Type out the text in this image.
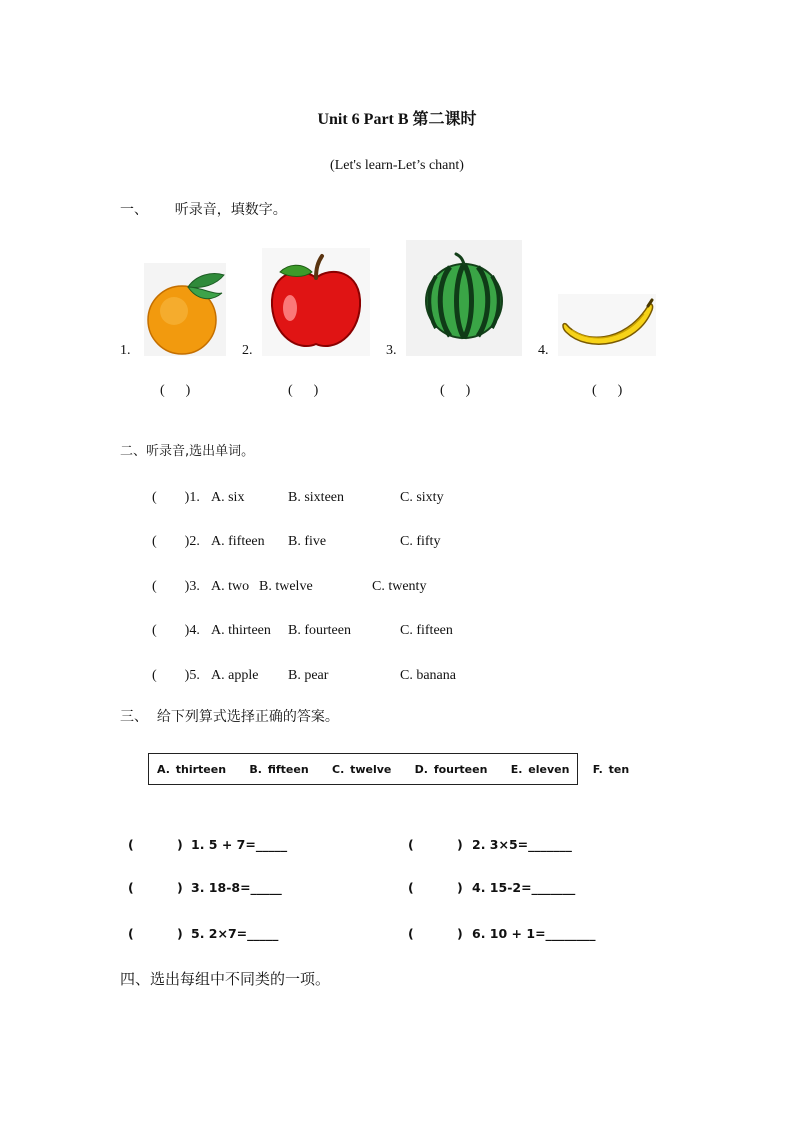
Unit 6 Part B 第二课时
(Let's learn-Let’s chant)
一、      听录音，填数字。
1.
(      )
2.
(      )
3.
(      )
4.
(      )
二、听录音,选出单词。
(        )1. A. six	B. sixteen	C. sixty
(        )2. A. fifteen B. five	C. fifty
(        )3. A. two B. twelve	C. twenty
(        )4. A. thirteen B. fourteen	C. fifteen
(        )5. A. apple B. pear	C. banana
三、  给下列算式选择正确的答案。
A. thirteen    B. fifteen    C. twelve    D. fourteen    E. eleven    F. ten
(	) 1. 5 + 7=_____	(	) 2. 3×5=_______
(	) 3. 18-8=_____	(	) 4. 15-2=_______
(	) 5. 2×7=_____	(	) 6. 10 + 1=________
四、选出每组中不同类的一项。
